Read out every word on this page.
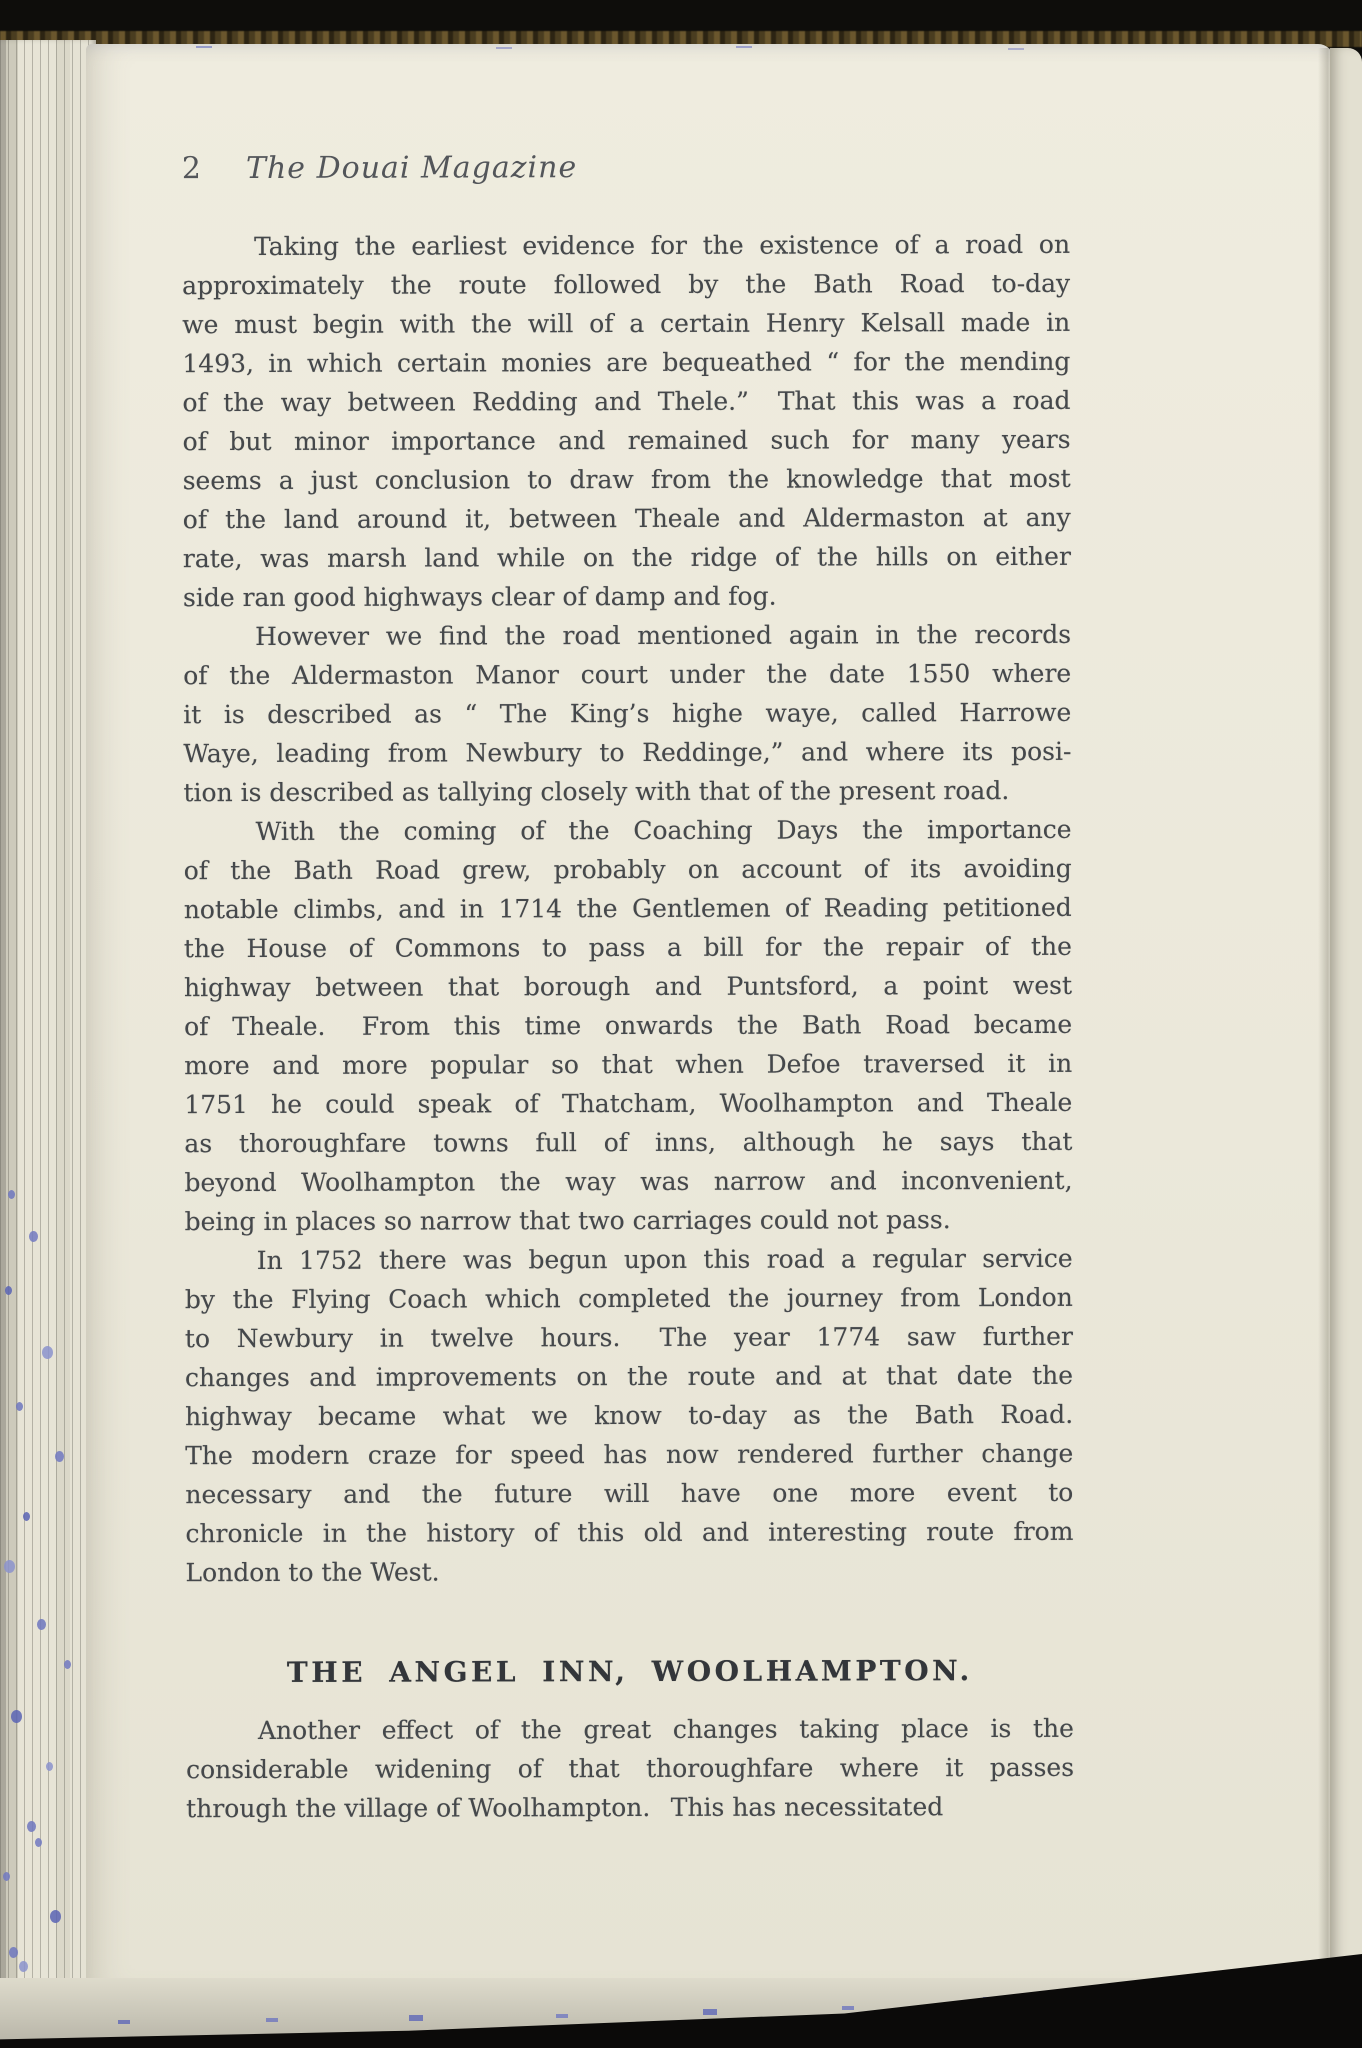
2 The Douai Magazine
Taking the earliest evidence for the existence of a road on
approximately the route followed by the Bath Road to-day
we must begin with the will of a certain Henry Kelsall made in
1493, in which certain monies are bequeathed “ for the mending
of the way between Redding and Thele.”  That this was a road
of but minor importance and remained such for many years
seems a just conclusion to draw from the knowledge that most
of the land around it, between Theale and Aldermaston at any
rate, was marsh land while on the ridge of the hills on either
side ran good highways clear of damp and fog.
However we find the road mentioned again in the records
of the Aldermaston Manor court under the date 1550 where
it is described as “ The King’s highe waye, called Harrowe
Waye, leading from Newbury to Reddinge,” and where its posi-
tion is described as tallying closely with that of the present road.
With the coming of the Coaching Days the importance
of the Bath Road grew, probably on account of its avoiding
notable climbs, and in 1714 the Gentlemen of Reading petitioned
the House of Commons to pass a bill for the repair of the
highway between that borough and Puntsford, a point west
of Theale.  From this time onwards the Bath Road became
more and more popular so that when Defoe traversed it in
1751 he could speak of Thatcham, Woolhampton and Theale
as thoroughfare towns full of inns, although he says that
beyond Woolhampton the way was narrow and inconvenient,
being in places so narrow that two carriages could not pass.
In 1752 there was begun upon this road a regular service
by the Flying Coach which completed the journey from London
to Newbury in twelve hours.  The year 1774 saw further
changes and improvements on the route and at that date the
highway became what we know to-day as the Bath Road.
The modern craze for speed has now rendered further change
necessary and the future will have one more event to
chronicle in the history of this old and interesting route from
London to the West.
THE ANGEL INN, WOOLHAMPTON.
Another effect of the great changes taking place is the
considerable widening of that thoroughfare where it passes
through the village of Woolhampton.  This has necessitated
